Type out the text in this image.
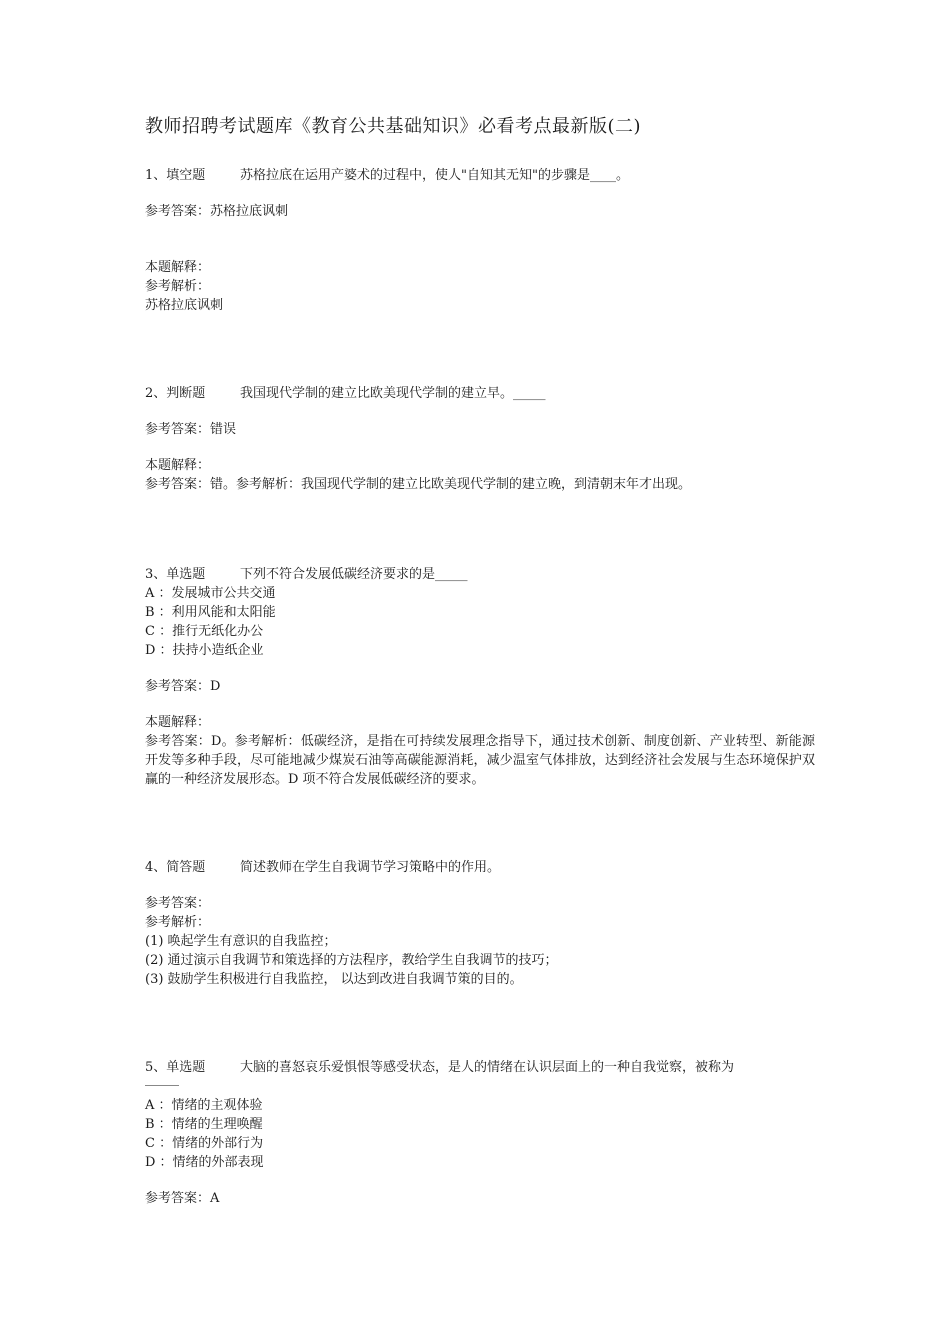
教师招聘考试题库《教育公共基础知识》必看考点最新版(二)
1、填空题	苏格拉底在运用产婆术的过程中，使人"自知其无知"的步骤是____。
参考答案：苏格拉底讽刺
本题解释：
参考解析：
苏格拉底讽刺
2、判断题	我国现代学制的建立比欧美现代学制的建立早。_____
参考答案：错误
本题解释：
参考答案：错。参考解析：我国现代学制的建立比欧美现代学制的建立晚，到清朝末年才出现。
3、单选题	下列不符合发展低碳经济要求的是_____
A ：发展城市公共交通
B ：利用风能和太阳能
C ：推行无纸化办公
D ：扶持小造纸企业
参考答案：D
本题解释：
参考答案：D。参考解析：低碳经济，是指在可持续发展理念指导下，通过技术创新、制度创新、产业转型、新能源开发等多种手段，尽可能地减少煤炭石油等高碳能源消耗，减少温室气体排放，达到经济社会发展与生态环境保护双赢的一种经济发展形态。D 项不符合发展低碳经济的要求。
4、简答题	简述教师在学生自我调节学习策略中的作用。
参考答案：
参考解析：
(1) 唤起学生有意识的自我监控；
(2) 通过演示自我调节和策选择的方法程序，教给学生自我调节的技巧；
(3) 鼓励学生积极进行自我监控， 以达到改进自我调节策的目的。
5、单选题	大脑的喜怒哀乐爱惧恨等感受状态，是人的情绪在认识层面上的一种自我觉察，被称为
A ：情绪的主观体验
B ：情绪的生理唤醒
C ：情绪的外部行为
D ：情绪的外部表现
参考答案：A
